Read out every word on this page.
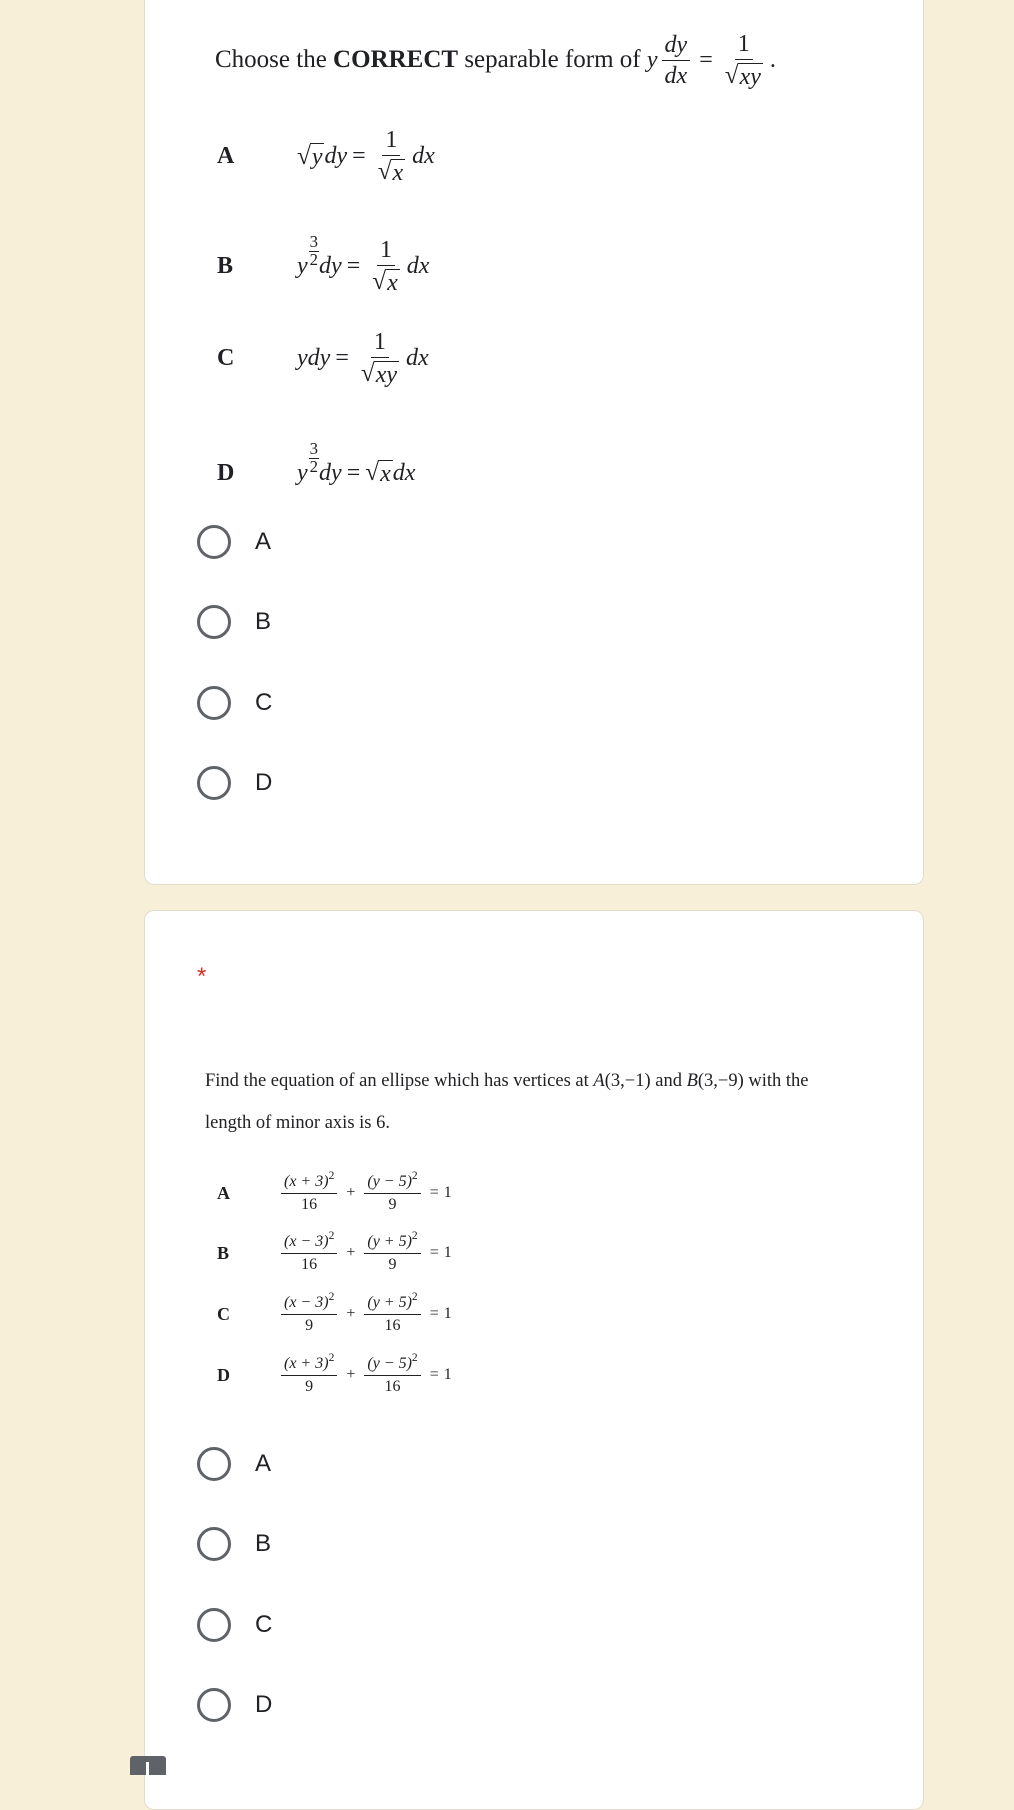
Choose the CORRECT separable form of y $\frac{dy}{dx} = \frac{1}{√ xy}$ .
A	√ y dy = $\frac{1}{√ x}$ dx
B	y $\frac{3}{2}$ dy = $\frac{1}{√ x}$ dx
C	ydy = $\frac{1}{√ xy}$ dx
D	y $\frac{3}{2}$ dy = √ x dx
A
B
C
D
*
Find the equation of an ellipse which has vertices at A(3,−1) and B(3,−9) with the
length of minor axis is 6.
A	$\frac{(x + 3)^2}{16} + \frac{(y - 5)^2}{9} = 1$
B	$\frac{(x - 3)^2}{16} + \frac{(y + 5)^2}{9} = 1$
C	$\frac{(x - 3)^2}{9} + \frac{(y + 5)^2}{16} = 1$
D	$\frac{(x + 3)^2}{9} + \frac{(y - 5)^2}{16} = 1$
A
B
C
D
